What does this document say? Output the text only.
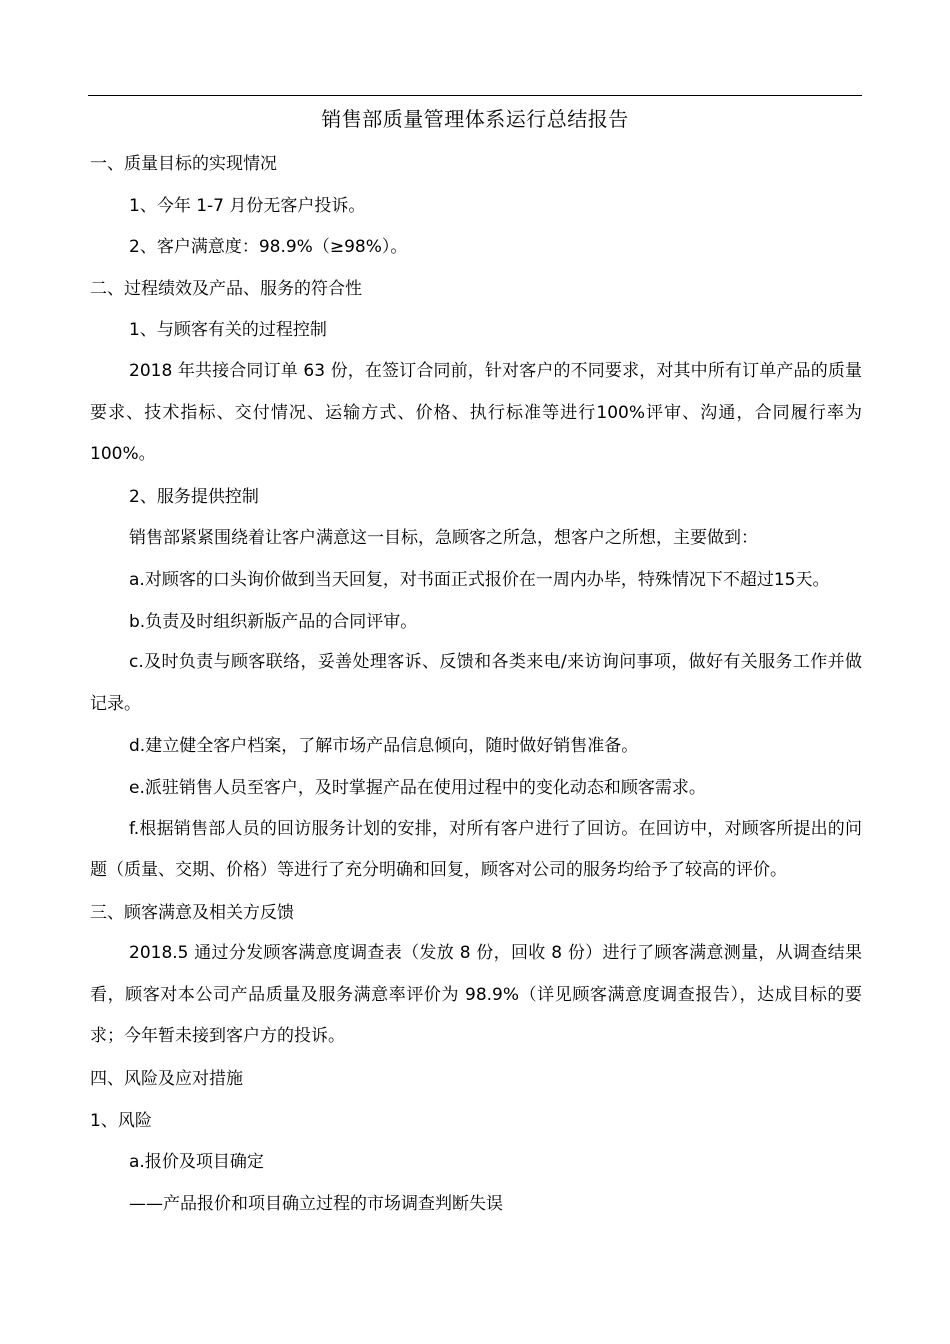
销售部质量管理体系运行总结报告

一、质量目标的实现情况

1、今年 1-7 月份无客户投诉。

2、客户满意度：98.9%（≥98%）。

二、过程绩效及产品、服务的符合性

1、与顾客有关的过程控制

2018 年共接合同订单 63 份，在签订合同前，针对客户的不同要求，对其中所有订单产品的质量要求、技术指标、交付情况、运输方式、价格、执行标准等进行100%评审、沟通，合同履行率为 100%。

2、服务提供控制

销售部紧紧围绕着让客户满意这一目标，急顾客之所急，想客户之所想，主要做到：

a.对顾客的口头询价做到当天回复，对书面正式报价在一周内办毕，特殊情况下不超过15天。

b.负责及时组织新版产品的合同评审。

c.及时负责与顾客联络，妥善处理客诉、反馈和各类来电/来访询问事项，做好有关服务工作并做记录。

d.建立健全客户档案，了解市场产品信息倾向，随时做好销售准备。

e.派驻销售人员至客户，及时掌握产品在使用过程中的变化动态和顾客需求。

f.根据销售部人员的回访服务计划的安排，对所有客户进行了回访。在回访中，对顾客所提出的问题（质量、交期、价格）等进行了充分明确和回复，顾客对公司的服务均给予了较高的评价。

三、顾客满意及相关方反馈

2018.5 通过分发顾客满意度调查表（发放 8 份，回收 8 份）进行了顾客满意测量，从调查结果看，顾客对本公司产品质量及服务满意率评价为 98.9%（详见顾客满意度调查报告），达成目标的要求；今年暂未接到客户方的投诉。

四、风险及应对措施

1、风险

a.报价及项目确定

——产品报价和项目确立过程的市场调查判断失误
